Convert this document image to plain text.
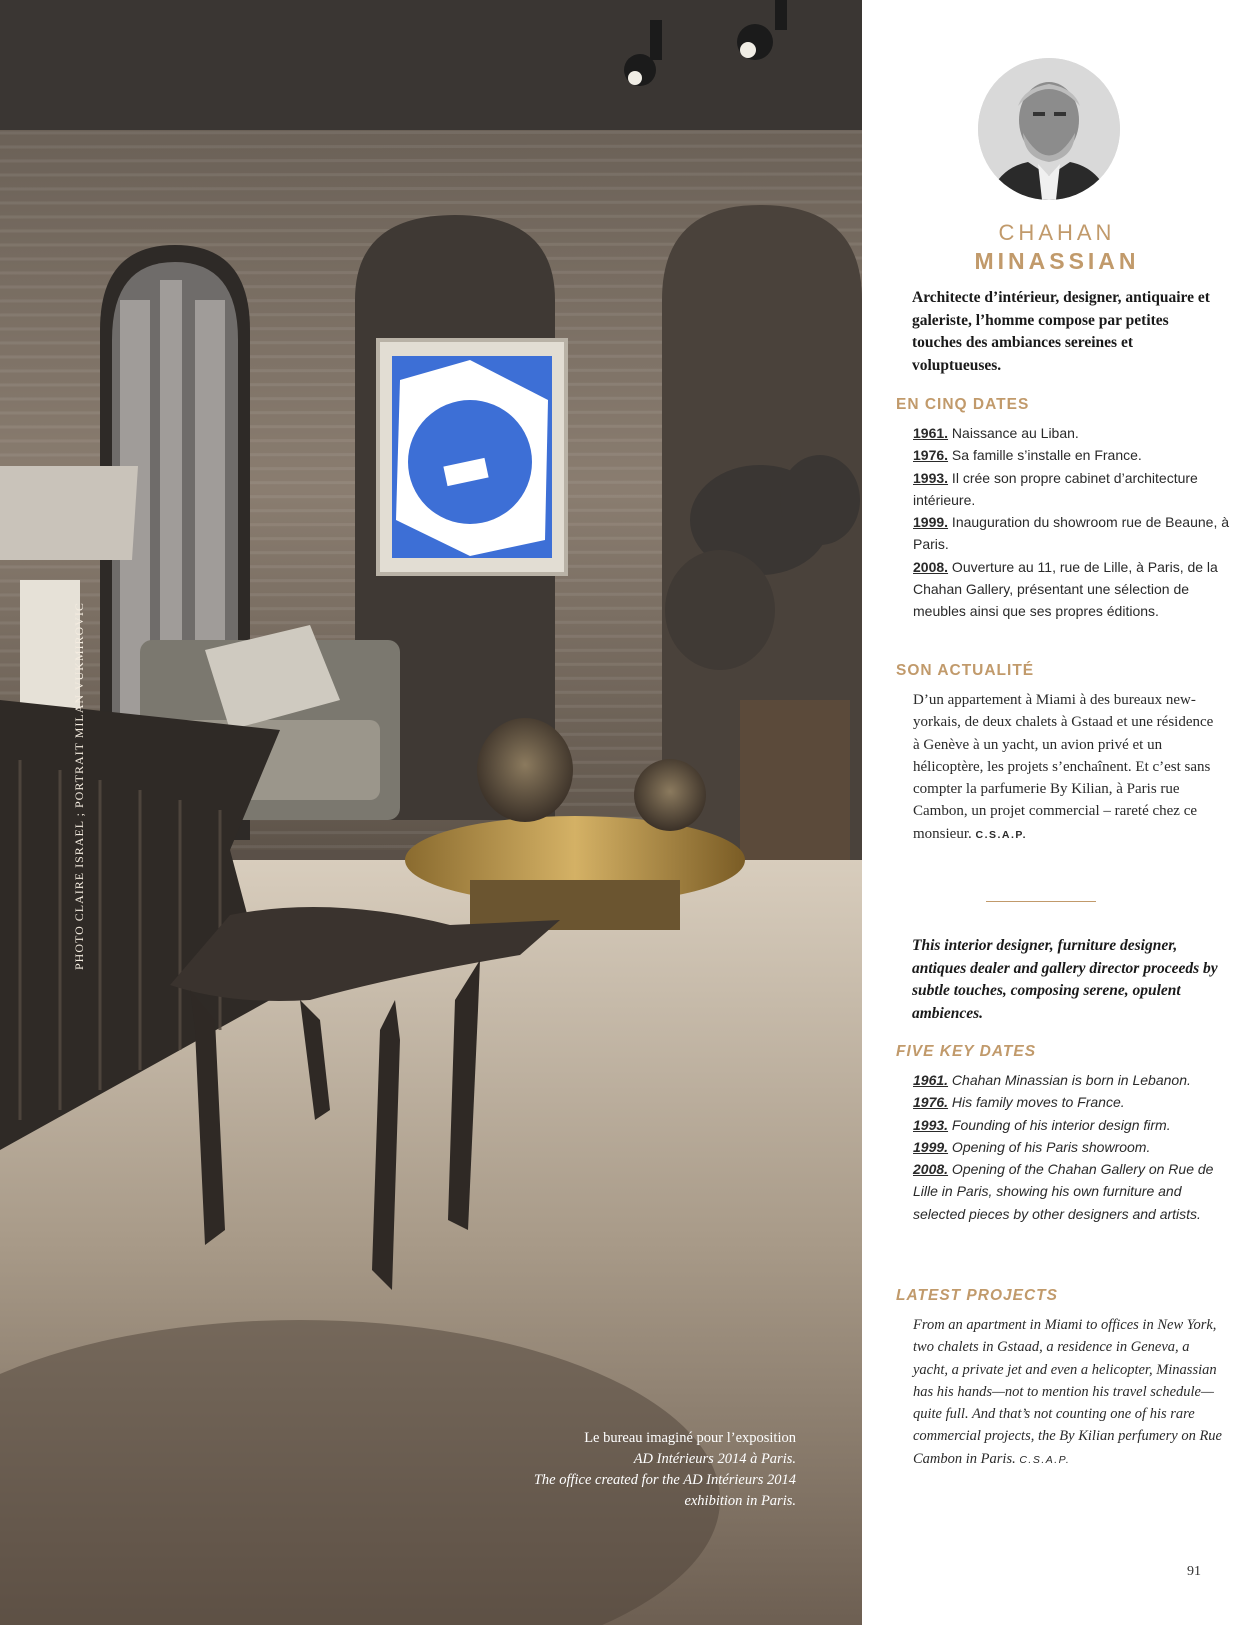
PHOTO CLAIRE ISRAEL ; PORTRAIT MILAN VUKMIROVIC
Le bureau imaginé pour l’exposition
AD Intérieurs 2014 à Paris.
The office created for the AD Intérieurs 2014
exhibition in Paris.
CHAHAN
MINASSIAN
Architecte d’intérieur, designer, antiquaire et galeriste, l’homme compose par petites touches des ambiances sereines et voluptueuses.
EN CINQ DATES
1961. Naissance au Liban.
1976. Sa famille s’installe en France.
1993. Il crée son propre cabinet d’architecture intérieure.
1999. Inauguration du showroom rue de Beaune, à Paris.
2008. Ouverture au 11, rue de Lille, à Paris, de la Chahan Gallery, présentant une sélection de meubles ainsi que ses propres éditions.
SON ACTUALITÉ
D’un appartement à Miami à des bureaux new-yorkais, de deux chalets à Gstaad et une résidence à Genève à un yacht, un avion privé et un hélicoptère, les projets s’enchaînent. Et c’est sans compter la parfumerie By Kilian, à Paris rue Cambon, un projet commercial – rareté chez ce monsieur. C.S.A.P.
This interior designer, furniture designer, antiques dealer and gallery director proceeds by subtle touches, composing serene, opulent ambiences.
FIVE KEY DATES
1961. Chahan Minassian is born in Lebanon.
1976. His family moves to France.
1993. Founding of his interior design firm.
1999. Opening of his Paris showroom.
2008. Opening of the Chahan Gallery on Rue de Lille in Paris, showing his own furniture and selected pieces by other designers and artists.
LATEST PROJECTS
From an apartment in Miami to offices in New York, two chalets in Gstaad, a residence in Geneva, a yacht, a private jet and even a helicopter, Minassian has his hands—not to mention his travel schedule—quite full. And that’s not counting one of his rare commercial projects, the By Kilian perfumery on Rue Cambon in Paris. C.S.A.P.
91
